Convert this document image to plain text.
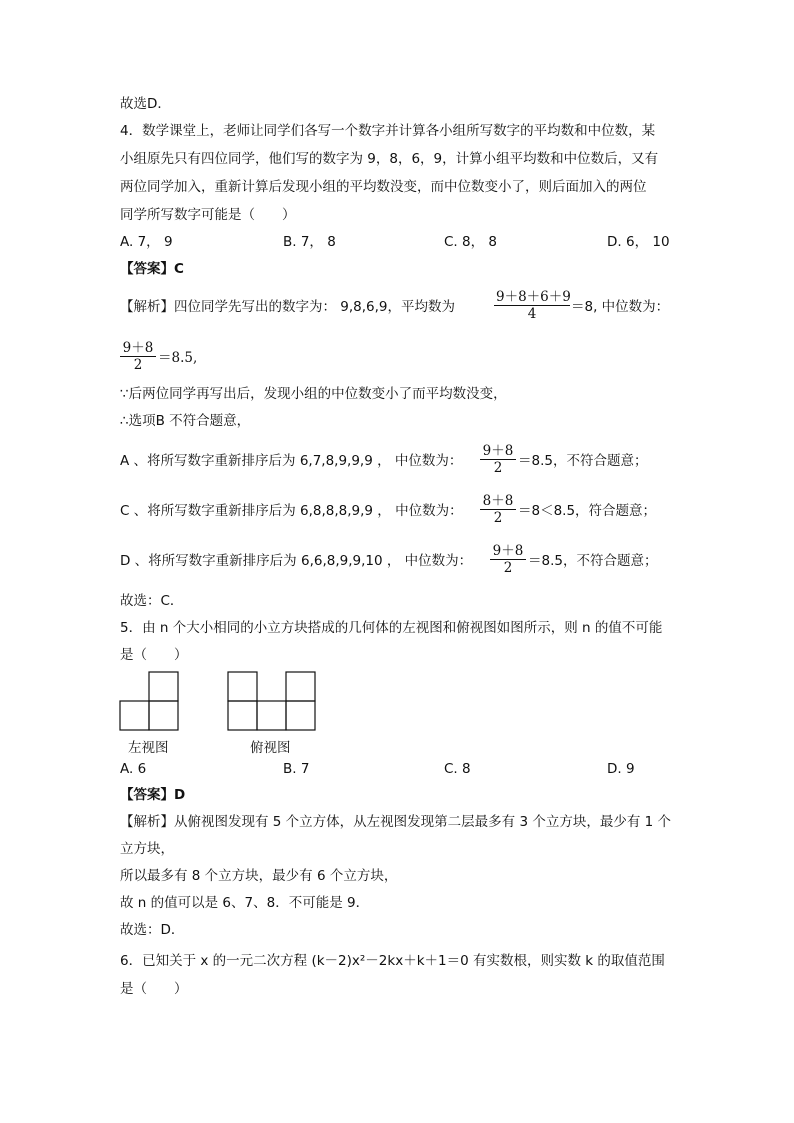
故选D．
4．数学课堂上，老师让同学们各写一个数字并计算各小组所写数字的平均数和中位数，某
小组原先只有四位同学，他们写的数字为 9，8，6，9，计算小组平均数和中位数后，又有
两位同学加入，重新计算后发现小组的平均数没变，而中位数变小了，则后面加入的两位
同学所写数字可能是（　　）
A. 7， 9	B. 7， 8	C. 8， 8	D. 6， 10
【答案】C
【解析】四位同学先写出的数字为： 9,8,6,9，平均数为	$\frac{9+8+6+9}{4} =8$, 中位数为：
$\frac{9+8}{2} =8.5$,
∵后两位同学再写出后，发现小组的中位数变小了而平均数没变，
∴选项B 不符合题意，
A 、将所写数字重新排序后为 6,7,8,9,9,9 ， 中位数为： $\frac{9+8}{2} =8.5$，不符合题意；
C 、将所写数字重新排序后为 6,8,8,8,9,9 ， 中位数为： $\frac{8+8}{2} =8<8.5$，符合题意；
D 、将所写数字重新排序后为 6,6,8,9,9,10 ， 中位数为： $\frac{9+8}{2} =8.5$，不符合题意；
故选：C．
5．由 n 个大小相同的小立方块搭成的几何体的左视图和俯视图如图所示，则 n 的值不可能
是（　　）
左视图	俯视图
A. 6	B. 7	C. 8	D. 9
【答案】D
【解析】从俯视图发现有 5 个立方体，从左视图发现第二层最多有 3 个立方块，最少有 1 个
立方块，
所以最多有 8 个立方块，最少有 6 个立方块，
故 n 的值可以是 6、7、8．不可能是 9．
故选：D．
6．已知关于 x 的一元二次方程 (k－2)x²－2kx＋k＋1＝0 有实数根，则实数 k 的取值范围
是（　　）
